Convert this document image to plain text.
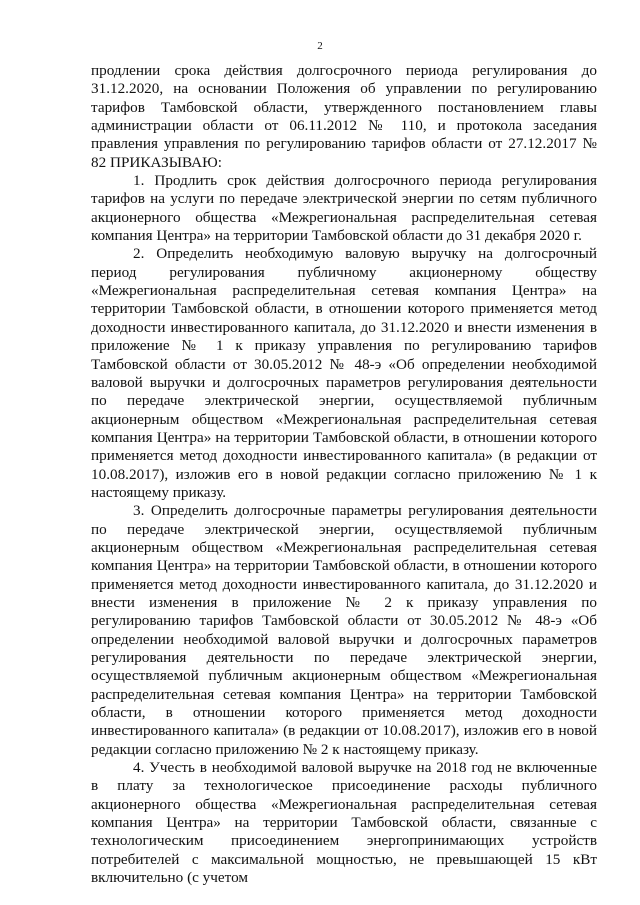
2

продлении срока действия долгосрочного периода регулирования до 31.12.2020, на основании Положения об управлении по регулированию тарифов Тамбовской области, утвержденного постановлением главы администрации области от 06.11.2012 № 110, и протокола заседания правления управления по регулированию тарифов области от 27.12.2017 № 82 ПРИКАЗЫВАЮ:

1. Продлить срок действия долгосрочного периода регулирования тарифов на услуги по передаче электрической энергии по сетям публичного акционерного общества «Межрегиональная распределительная сетевая компания Центра» на территории Тамбовской области до 31 декабря 2020 г.

2. Определить необходимую валовую выручку на долгосрочный период регулирования публичному акционерному обществу «Межрегиональная распределительная сетевая компания Центра» на территории Тамбовской области, в отношении которого применяется метод доходности инвестированного капитала, до 31.12.2020 и внести изменения в приложение № 1 к приказу управления по регулированию тарифов Тамбовской области от 30.05.2012 № 48-э «Об определении необходимой валовой выручки и долгосрочных параметров регулирования деятельности по передаче электрической энергии, осуществляемой публичным акционерным обществом «Межрегиональная распределительная сетевая компания Центра» на территории Тамбовской области, в отношении которого применяется метод доходности инвестированного капитала» (в редакции от 10.08.2017), изложив его в новой редакции согласно приложению № 1 к настоящему приказу.

3. Определить долгосрочные параметры регулирования деятельности по передаче электрической энергии, осуществляемой публичным акционерным обществом «Межрегиональная распределительная сетевая компания Центра» на территории Тамбовской области, в отношении которого применяется метод доходности инвестированного капитала, до 31.12.2020 и внести изменения в приложение № 2 к приказу управления по регулированию тарифов Тамбовской области от 30.05.2012 № 48-э «Об определении необходимой валовой выручки и долгосрочных параметров регулирования деятельности по передаче электрической энергии, осуществляемой публичным акционерным обществом «Межрегиональная распределительная сетевая компания Центра» на территории Тамбовской области, в отношении которого применяется метод доходности инвестированного капитала» (в редакции от 10.08.2017), изложив его в новой редакции согласно приложению № 2 к настоящему приказу.

4. Учесть в необходимой валовой выручке на 2018 год не включенные в плату за технологическое присоединение расходы публичного акционерного общества «Межрегиональная распределительная сетевая компания Центра» на территории Тамбовской области, связанные с технологическим присоединением энергопринимающих устройств потребителей с максимальной мощностью, не превышающей 15 кВт включительно (с учетом
